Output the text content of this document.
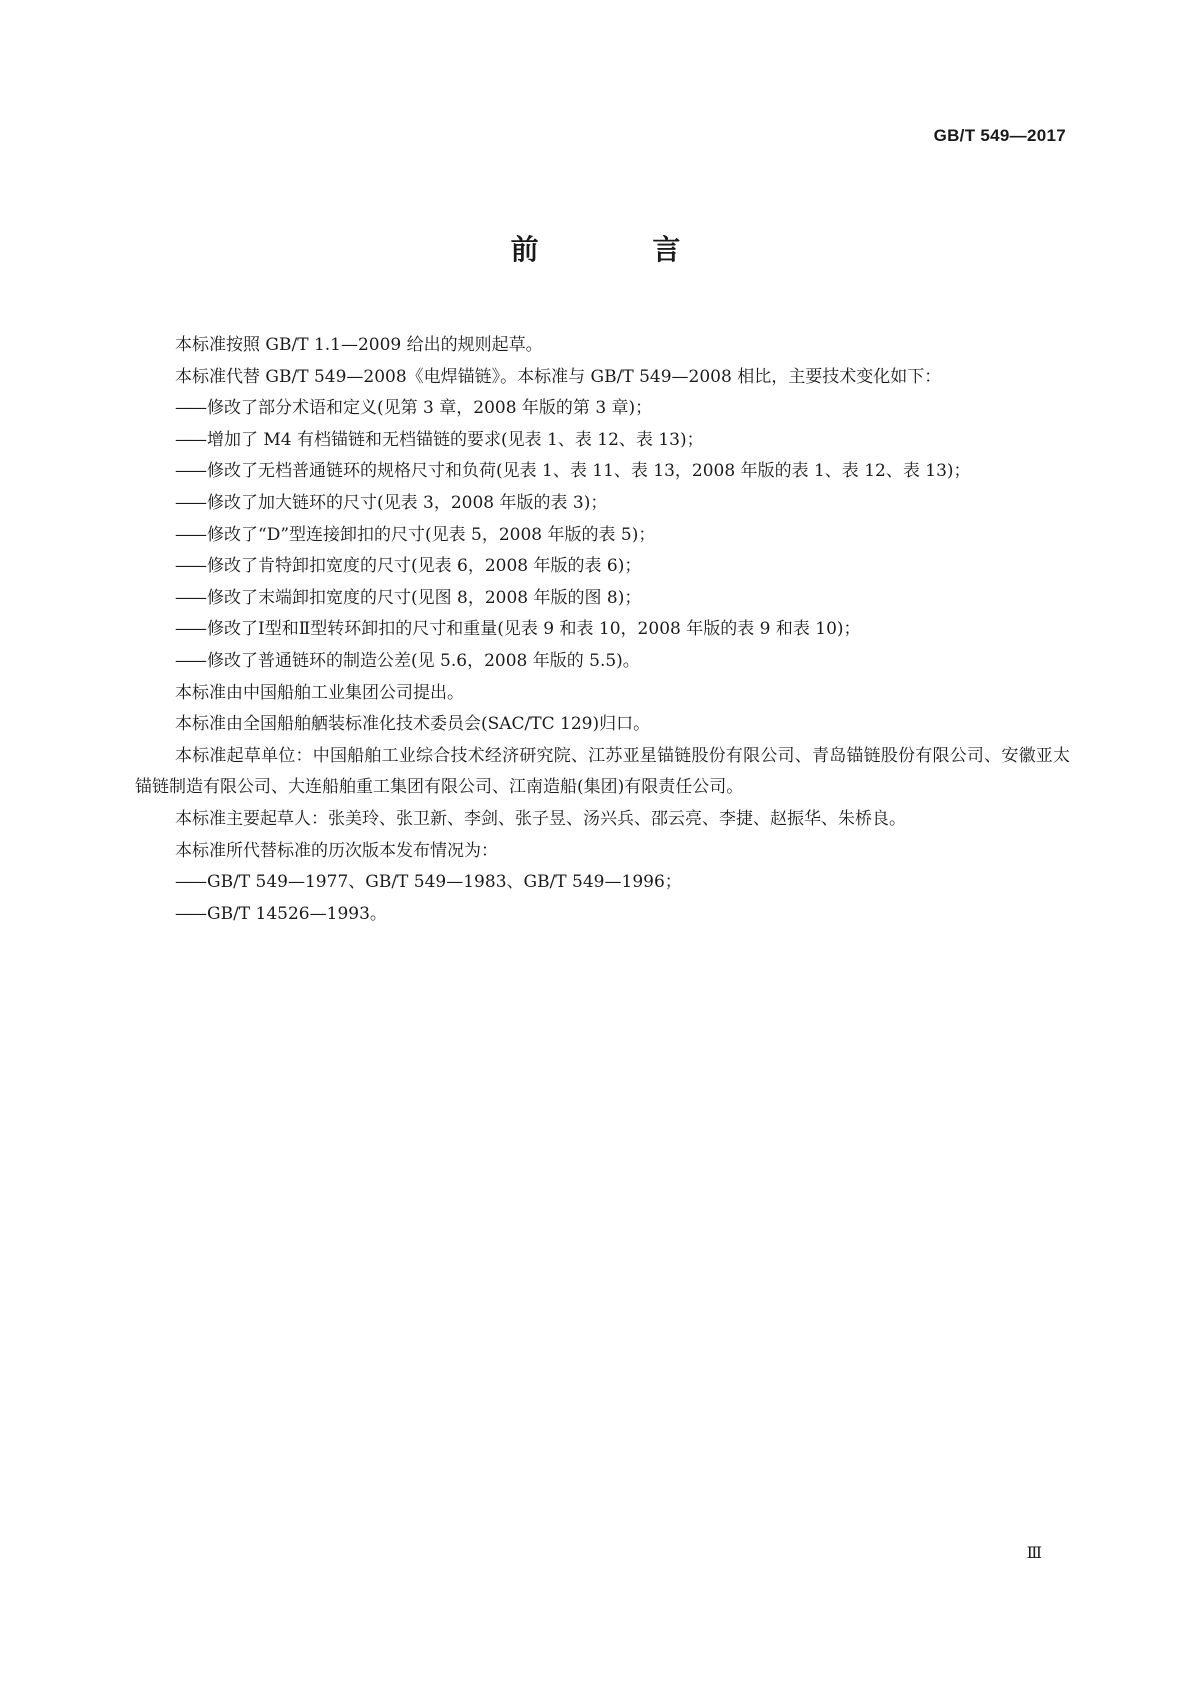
GB/T 549—2017
前 言
本标准按照 GB/T 1.1—2009 给出的规则起草。
本标准代替 GB/T 549—2008《电焊锚链》。本标准与 GB/T 549—2008 相比，主要技术变化如下：
—— 修改了部分术语和定义(见第 3 章，2008 年版的第 3 章)；
—— 增加了 M4 有档锚链和无档锚链的要求(见表 1、表 12、表 13)；
—— 修改了无档普通链环的规格尺寸和负荷(见表 1、表 11、表 13，2008 年版的表 1、表 12、表 13)；
—— 修改了加大链环的尺寸(见表 3，2008 年版的表 3)；
—— 修改了“D”型连接卸扣的尺寸(见表 5，2008 年版的表 5)；
—— 修改了肯特卸扣宽度的尺寸(见表 6，2008 年版的表 6)；
—— 修改了末端卸扣宽度的尺寸(见图 8，2008 年版的图 8)；
—— 修改了Ⅰ型和Ⅱ型转环卸扣的尺寸和重量(见表 9 和表 10，2008 年版的表 9 和表 10)；
—— 修改了普通链环的制造公差(见 5.6，2008 年版的 5.5)。
本标准由中国船舶工业集团公司提出。
本标准由全国船舶舾装标准化技术委员会(SAC/TC 129)归口。
本标准起草单位：中国船舶工业综合技术经济研究院、江苏亚星锚链股份有限公司、青岛锚链股份有限公司、安徽亚太锚链制造有限公司、大连船舶重工集团有限公司、江南造船(集团)有限责任公司。
本标准主要起草人：张美玲、张卫新、李剑、张子昱、汤兴兵、邵云亮、李捷、赵振华、朱桥良。
本标准所代替标准的历次版本发布情况为：
—— GB/T 549—1977、GB/T 549—1983、GB/T 549—1996；
—— GB/T 14526—1993。
Ⅲ
